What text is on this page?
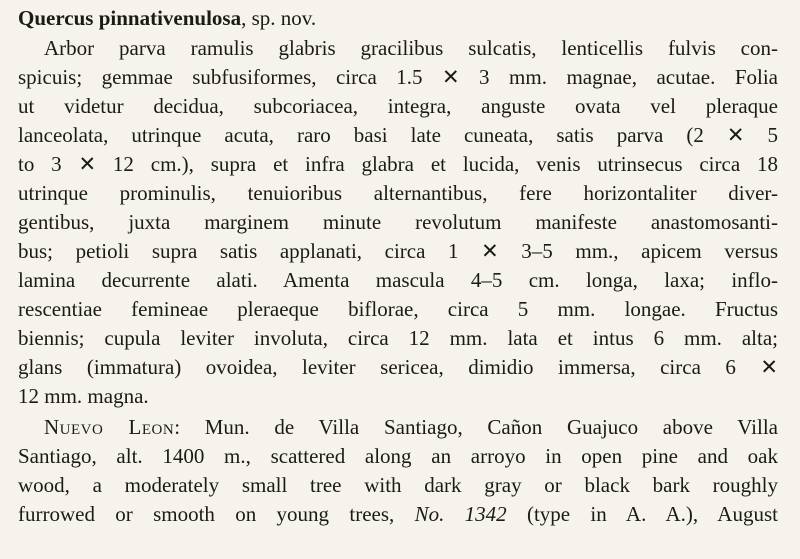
Quercus pinnativenulosa, sp. nov.
Arbor parva ramulis glabris gracilibus sulcatis, lenticellis fulvis con-
spicuis; gemmae subfusiformes, circa 1.5 ✕ 3 mm. magnae, acutae. Folia
ut videtur decidua, subcoriacea, integra, anguste ovata vel pleraque
lanceolata, utrinque acuta, raro basi late cuneata, satis parva (2 ✕ 5
to 3 ✕ 12 cm.), supra et infra glabra et lucida, venis utrinsecus circa 18
utrinque prominulis, tenuioribus alternantibus, fere horizontaliter diver-
gentibus, juxta marginem minute revolutum manifeste anastomosanti-
bus; petioli supra satis applanati, circa 1 ✕ 3–5 mm., apicem versus
lamina decurrente alati. Amenta mascula 4–5 cm. longa, laxa; inflo-
rescentiae femineae pleraeque biflorae, circa 5 mm. longae. Fructus
biennis; cupula leviter involuta, circa 12 mm. lata et intus 6 mm. alta;
glans (immatura) ovoidea, leviter sericea, dimidio immersa, circa 6 ✕
12 mm. magna.
Nuevo Leon: Mun. de Villa Santiago, Cañon Guajuco above Villa
Santiago, alt. 1400 m., scattered along an arroyo in open pine and oak
wood, a moderately small tree with dark gray or black bark roughly
furrowed or smooth on young trees, No. 1342 (type in A. A.), August
